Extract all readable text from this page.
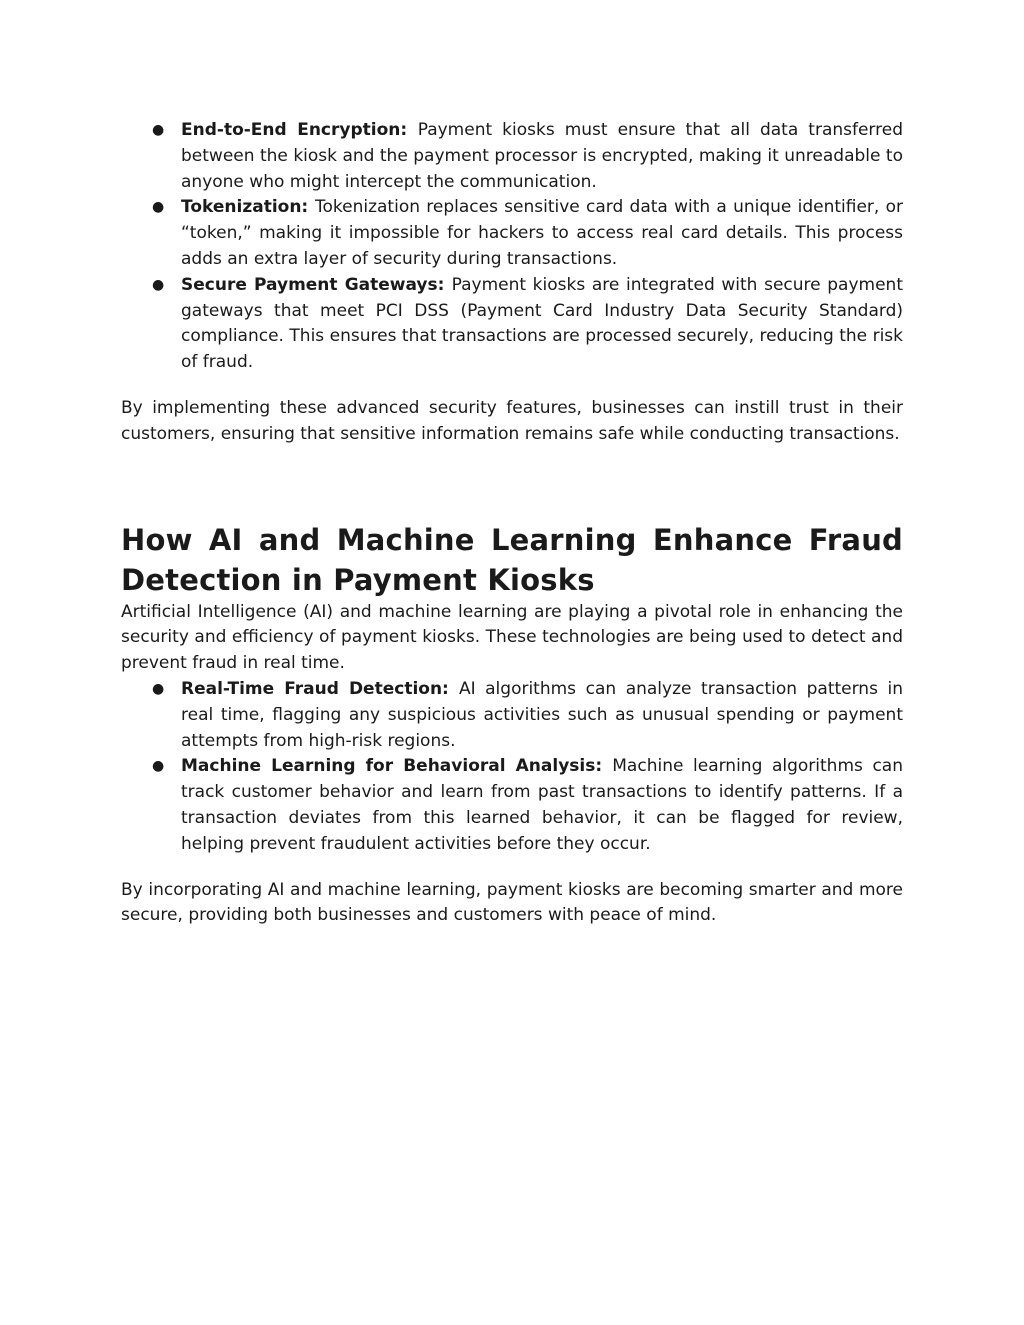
● End-to-End Encryption: Payment kiosks must ensure that all data transferred between the kiosk and the payment processor is encrypted, making it unreadable to anyone who might intercept the communication.
● Tokenization: Tokenization replaces sensitive card data with a unique identifier, or “token,” making it impossible for hackers to access real card details. This process adds an extra layer of security during transactions.
● Secure Payment Gateways: Payment kiosks are integrated with secure payment gateways that meet PCI DSS (Payment Card Industry Data Security Standard) compliance. This ensures that transactions are processed securely, reducing the risk of fraud.

By implementing these advanced security features, businesses can instill trust in their customers, ensuring that sensitive information remains safe while conducting transactions.

How AI and Machine Learning Enhance Fraud Detection in Payment Kiosks

Artificial Intelligence (AI) and machine learning are playing a pivotal role in enhancing the security and efficiency of payment kiosks. These technologies are being used to detect and prevent fraud in real time.

● Real-Time Fraud Detection: AI algorithms can analyze transaction patterns in real time, flagging any suspicious activities such as unusual spending or payment attempts from high-risk regions.
● Machine Learning for Behavioral Analysis: Machine learning algorithms can track customer behavior and learn from past transactions to identify patterns. If a transaction deviates from this learned behavior, it can be flagged for review, helping prevent fraudulent activities before they occur.

By incorporating AI and machine learning, payment kiosks are becoming smarter and more secure, providing both businesses and customers with peace of mind.
